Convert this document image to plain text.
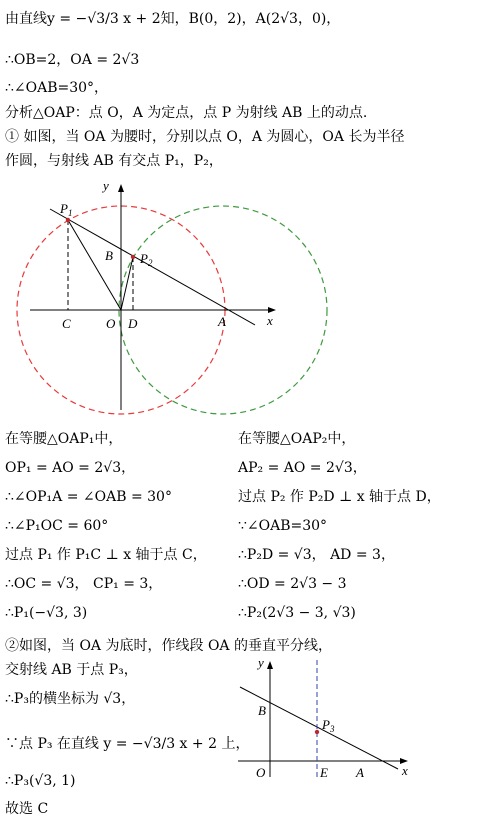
由直线y = −√3/3 x + 2知，B(0，2)，A(2√3，0)，
∴OB=2，OA = 2√3
∴∠OAB=30°，
分析△OAP：点 O，A 为定点，点 P 为射线 AB 上的动点.
① 如图，当 OA 为腰时，分别以点 O，A 为圆心，OA 长为半径
作圆，与射线 AB 有交点 P₁，P₂，
y
x
$P_1$
$P_2$
B
C	O D	A
在等腰△OAP₁中，
OP₁ = AO = 2√3，
∴∠OP₁A = ∠OAB = 30°
∴∠P₁OC = 60°
过点 P₁ 作 P₁C ⊥ x 轴于点 C，
∴OC = √3， CP₁ = 3，
∴P₁(−√3, 3)
在等腰△OAP₂中，
AP₂ = AO = 2√3，
过点 P₂ 作 P₂D ⊥ x 轴于点 D，
∵∠OAB=30°
∴P₂D = √3， AD = 3，
∴OD = 2√3 − 3
∴P₂(2√3 − 3, √3)
②如图，当 OA 为底时，作线段 OA 的垂直平分线，
交射线 AB 于点 P₃，
∴P₃的横坐标为 √3，
∵点 P₃ 在直线 y = −√3/3 x + 2 上，
∴P₃(√3, 1)
故选 C
y
x
B
$P_3$
O	E A
